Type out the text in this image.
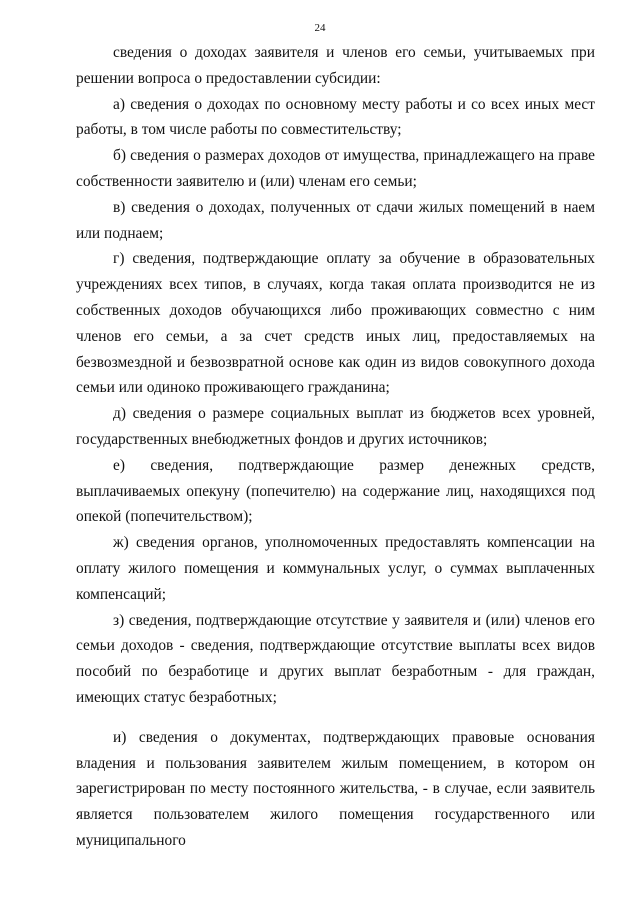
24

сведения о доходах заявителя и членов его семьи, учитываемых при решении вопроса о предоставлении субсидии:

а) сведения о доходах по основному месту работы и со всех иных мест работы, в том числе работы по совместительству;

б) сведения о размерах доходов от имущества, принадлежащего на праве собственности заявителю и (или) членам его семьи;

в) сведения о доходах, полученных от сдачи жилых помещений в наем или поднаем;

г) сведения, подтверждающие оплату за обучение в образовательных учреждениях всех типов, в случаях, когда такая оплата производится не из собственных доходов обучающихся либо проживающих совместно с ним членов его семьи, а за счет средств иных лиц, предоставляемых на безвозмездной и безвозвратной основе как один из видов совокупного дохода семьи или одиноко проживающего гражданина;

д) сведения о размере социальных выплат из бюджетов всех уровней, государственных внебюджетных фондов и других источников;

е) сведения, подтверждающие размер денежных средств, выплачиваемых опекуну (попечителю) на содержание лиц, находящихся под опекой (попечительством);

ж) сведения органов, уполномоченных предоставлять компенсации на оплату жилого помещения и коммунальных услуг, о суммах выплаченных компенсаций;

з) сведения, подтверждающие отсутствие у заявителя и (или) членов его семьи доходов - сведения, подтверждающие отсутствие выплаты всех видов пособий по безработице и других выплат безработным - для граждан, имеющих статус безработных;

и) сведения о документах, подтверждающих правовые основания владения и пользования заявителем жилым помещением, в котором он зарегистрирован по месту постоянного жительства, - в случае, если заявитель является пользователем жилого помещения государственного или муниципального
